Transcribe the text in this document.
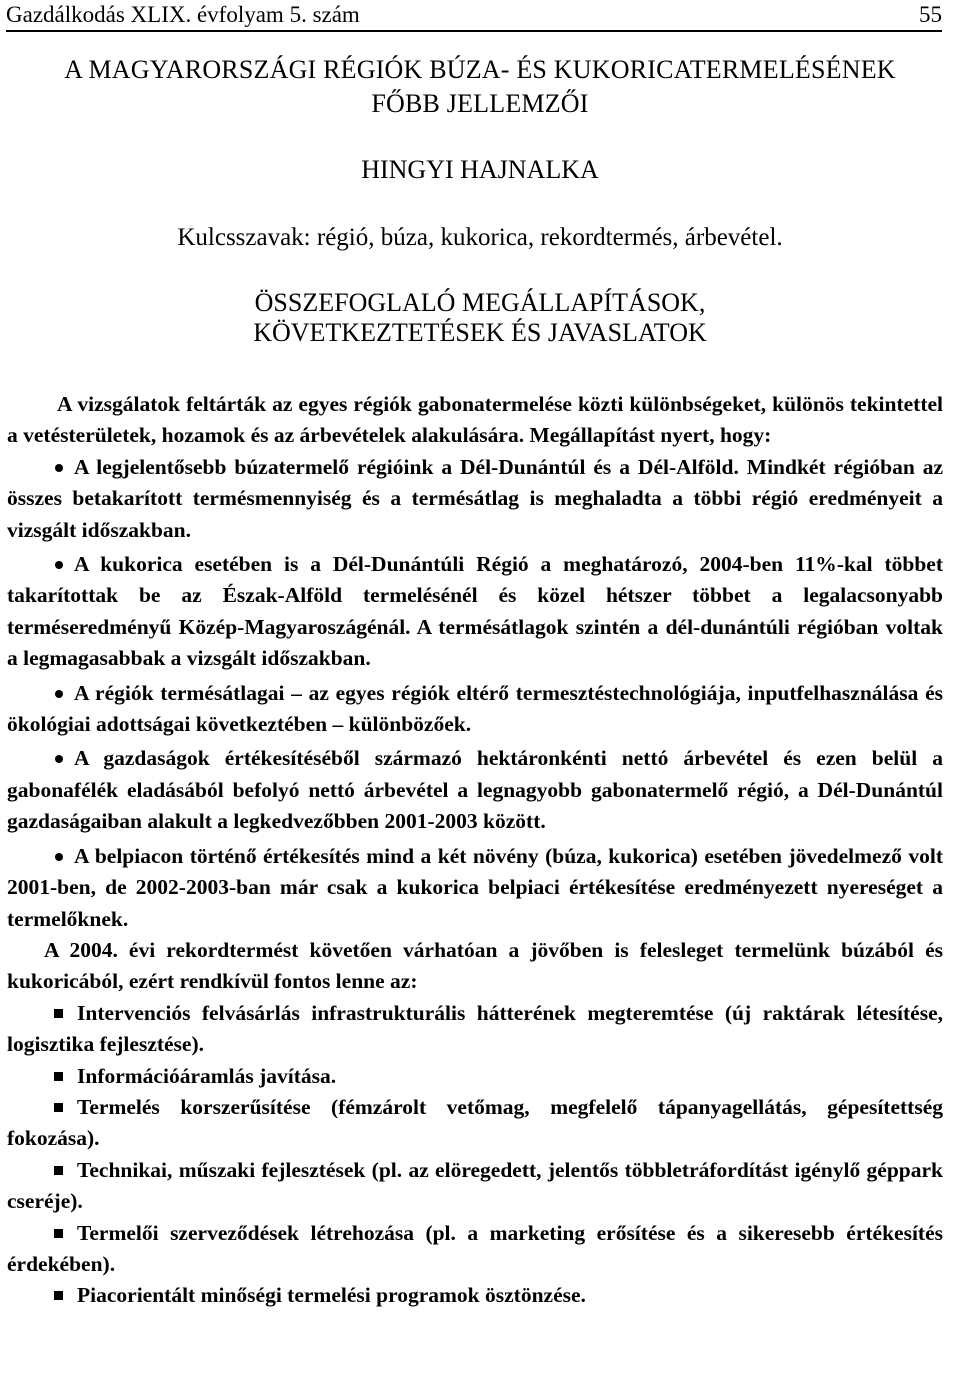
Gazdálkodás XLIX. évfolyam 5. szám	55
A MAGYARORSZÁGI RÉGIÓK BÚZA- ÉS KUKORICATERMELÉSÉNEK
FŐBB JELLEMZŐI
HINGYI HAJNALKA
Kulcsszavak: régió, búza, kukorica, rekordtermés, árbevétel.
ÖSSZEFOGLALÓ MEGÁLLAPÍTÁSOK,
KÖVETKEZTETÉSEK ÉS JAVASLATOK

A vizsgálatok feltárták az egyes régiók gabonatermelése közti különbségeket, különös tekintettel a vetésterületek, hozamok és az árbevételek alakulására. Megállapítást nyert, hogy:

A legjelentősebb búzatermelő régióink a Dél-Dunántúl és a Dél-Alföld. Mindkét régióban az összes betakarított termésmennyiség és a termésátlag is meghaladta a többi régió eredményeit a vizsgált időszakban.

A kukorica esetében is a Dél-Dunántúli Régió a meghatározó, 2004-ben 11%-kal többet takarítottak be az Észak-Alföld termelésénél és közel hétszer többet a legalacsonyabb terméseredményű Közép-Magyaroszágénál. A termésátlagok szintén a dél-dunántúli régióban voltak a legmagasabbak a vizsgált időszakban.

A régiók termésátlagai – az egyes régiók eltérő termesztéstechnológiája, inputfelhasználása és ökológiai adottságai következtében – különbözőek.

A gazdaságok értékesítéséből származó hektáronkénti nettó árbevétel és ezen belül a gabonafélék eladásából befolyó nettó árbevétel a legnagyobb gabonatermelő régió, a Dél-Dunántúl gazdaságaiban alakult a legkedvezőbben 2001-2003 között.

A belpiacon történő értékesítés mind a két növény (búza, kukorica) esetében jövedelmező volt 2001-ben, de 2002-2003-ban már csak a kukorica belpiaci értékesítése eredményezett nyereséget a termelőknek.

A 2004. évi rekordtermést követően várhatóan a jövőben is felesleget termelünk búzából és kukoricából, ezért rendkívül fontos lenne az:

Intervenciós felvásárlás infrastrukturális hátterének megteremtése (új raktárak létesítése, logisztika fejlesztése).

Információáramlás javítása.

Termelés korszerűsítése (fémzárolt vetőmag, megfelelő tápanyagellátás, gépesítettség fokozása).

Technikai, műszaki fejlesztések (pl. az elöregedett, jelentős többletráfordítást igénylő géppark cseréje).

Termelői szerveződések létrehozása (pl. a marketing erősítése és a sikeresebb értékesítés érdekében).

Piacorientált minőségi termelési programok ösztönzése.
